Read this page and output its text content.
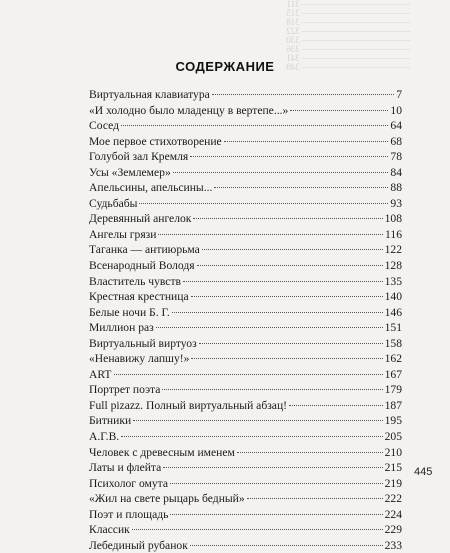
———————————— 311
———————————— 315
———————————— 318
———————————— 322
———————————— 330
———————————— 336
———————————— 341
———————————— 349
СОДЕРЖАНИЕ
Виртуальная клавиатура	7
«И холодно было младенцу в вертепе...»	10
Сосед	64
Мое первое стихотворение	68
Голубой зал Кремля	78
Усы «Землемер»	84
Апельсины, апельсины...	88
Судьбабы	93
Деревянный ангелок	108
Ангелы грязи	116
Таганка — антиюрьма	122
Всенародный Володя	128
Властитель чувств	135
Крестная крестница	140
Белые ночи Б. Г.	146
Миллион раз	151
Виртуальный виртуоз	158
«Ненавижу лапшу!»	162
ART	167
Портрет поэта	179
Full pizazz. Полный виртуальный абзац!	187
Битники	195
А.Г.В.	205
Человек с древесным именем	210
Латы и флейта	215
Психолог омута	219
«Жил на свете рыцарь бедный»	222
Поэт и площадь	224
Классик	229
Лебединый рубанок	233
445
